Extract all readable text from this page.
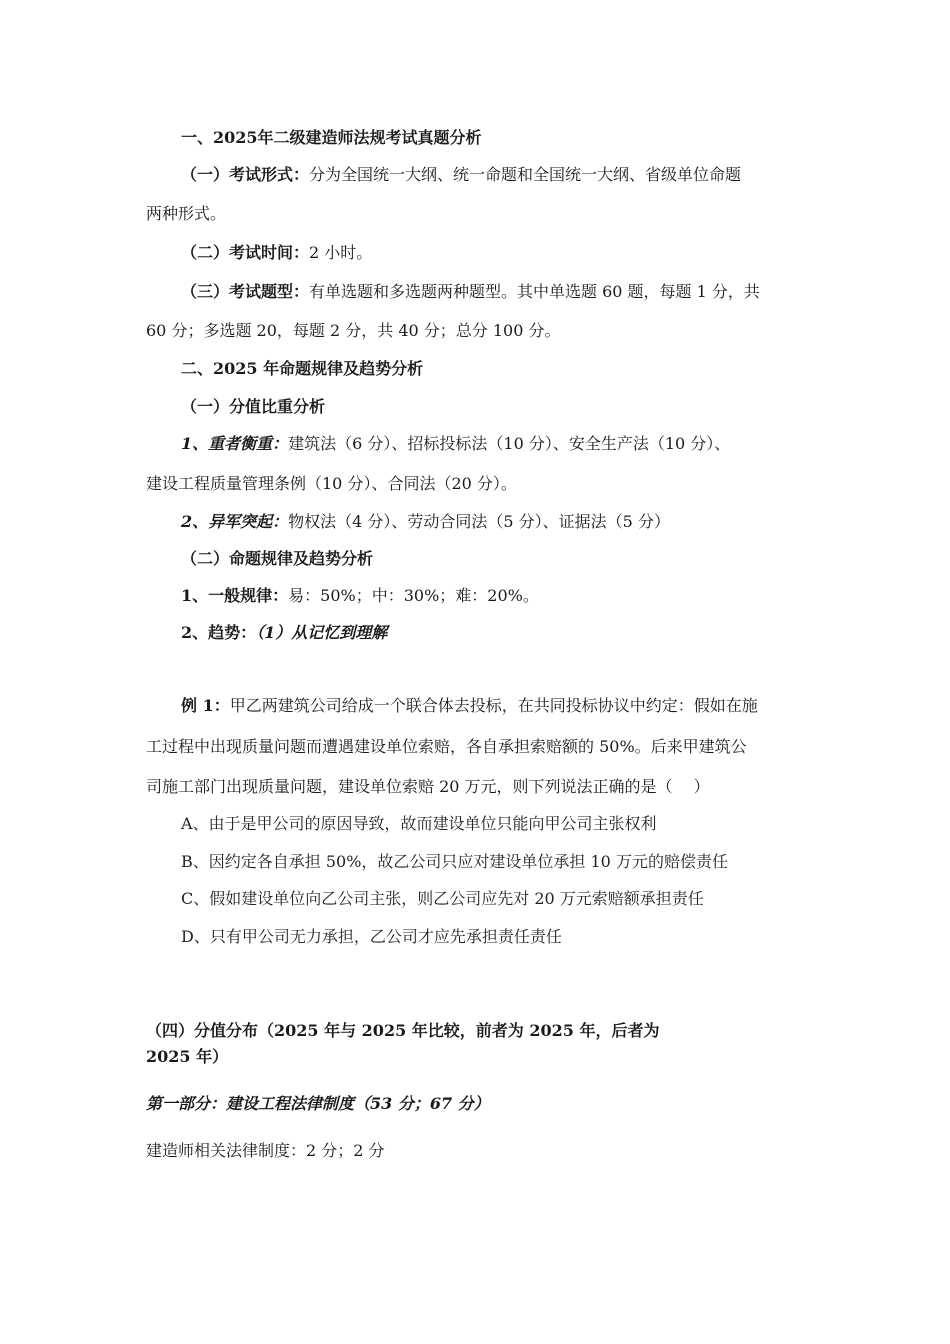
一、2025年二级建造师法规考试真题分析
（一）考试形式：分为全国统一大纲、统一命题和全国统一大纲、省级单位命题
两种形式。
（二）考试时间：2 小时。
（三）考试题型：有单选题和多选题两种题型。其中单选题 60 题，每题 1 分，共
60 分；多选题 20，每题 2 分，共 40 分；总分 100 分。
二、2025 年命题规律及趋势分析
（一）分值比重分析
1、重者衡重：建筑法（6 分）、招标投标法（10 分）、安全生产法（10 分）、
建设工程质量管理条例（10 分）、合同法（20 分）。
2、异军突起：物权法（4 分）、劳动合同法（5 分）、证据法（5 分）
（二）命题规律及趋势分析
1、一般规律：易：50%；中：30%；难：20%。
2、趋势：（1）从记忆到理解
例 1：甲乙两建筑公司给成一个联合体去投标，在共同投标协议中约定：假如在施
工过程中出现质量问题而遭遇建设单位索赔，各自承担索赔额的 50%。后来甲建筑公
司施工部门出现质量问题，建设单位索赔 20 万元，则下列说法正确的是（　 ）
A、由于是甲公司的原因导致，故而建设单位只能向甲公司主张权利
B、因约定各自承担 50%，故乙公司只应对建设单位承担 10 万元的赔偿责任
C、假如建设单位向乙公司主张，则乙公司应先对 20 万元索赔额承担责任
D、只有甲公司无力承担，乙公司才应先承担责任责任
（四）分值分布（2025 年与 2025 年比较，前者为 2025 年，后者为
2025 年）
第一部分：建设工程法律制度（53 分；67 分）
建造师相关法律制度：2 分；2 分
